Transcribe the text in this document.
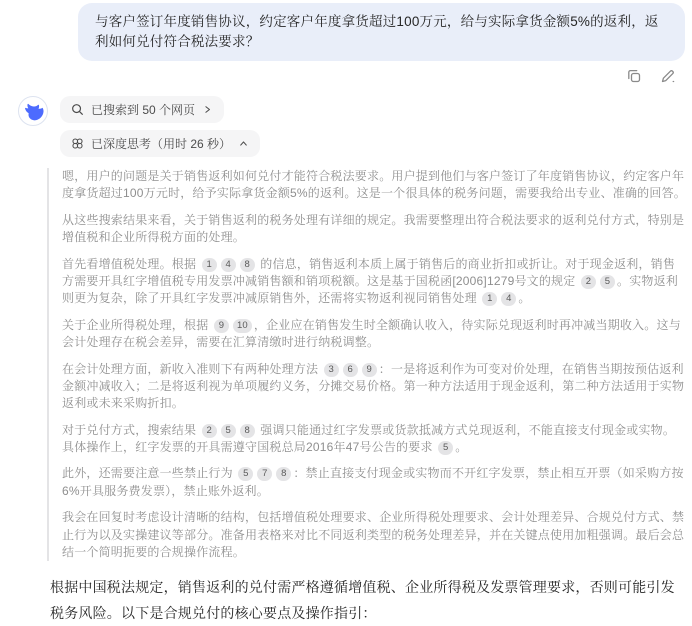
与客户签订年度销售协议，约定客户年度拿货超过100万元，给与实际拿货金额5%的返利，返利如何兑付符合税法要求？
已搜索到 50 个网页
已深度思考（用时 26 秒）

嗯，用户的问题是关于销售返利如何兑付才能符合税法要求。用户提到他们与客户签订了年度销售协议，约定客户年度拿货超过100万元时，给予实际拿货金额5%的返利。这是一个很具体的税务问题，需要我给出专业、准确的回答。

从这些搜索结果来看，关于销售返利的税务处理有详细的规定。我需要整理出符合税法要求的返利兑付方式，特别是增值税和企业所得税方面的处理。

首先看增值税处理。根据 1 4 8 的信息，销售返利本质上属于销售后的商业折扣或折让。对于现金返利，销售方需要开具红字增值税专用发票冲减销售额和销项税额。这是基于国税函[2006]1279号文的规定 2 5 。实物返利则更为复杂，除了开具红字发票冲减原销售外，还需将实物返利视同销售处理 1 4 。

关于企业所得税处理，根据 9 10 ，企业应在销售发生时全额确认收入，待实际兑现返利时再冲减当期收入。这与会计处理存在税会差异，需要在汇算清缴时进行纳税调整。

在会计处理方面，新收入准则下有两种处理方法 3 6 9 ：一是将返利作为可变对价处理，在销售当期按预估返利金额冲减收入；二是将返利视为单项履约义务，分摊交易价格。第一种方法适用于现金返利，第二种方法适用于实物返利或未来采购折扣。

对于兑付方式，搜索结果 2 5 8 强调只能通过红字发票或货款抵减方式兑现返利，不能直接支付现金或实物。具体操作上，红字发票的开具需遵守国税总局2016年47号公告的要求 5 。

此外，还需要注意一些禁止行为 5 7 8 ：禁止直接支付现金或实物而不开红字发票，禁止相互开票（如采购方按6%开具服务费发票），禁止账外返利。

我会在回复时考虑设计清晰的结构，包括增值税处理要求、企业所得税处理要求、会计处理差异、合规兑付方式、禁止行为以及实操建议等部分。准备用表格来对比不同返利类型的税务处理差异，并在关键点使用加粗强调。最后会总结一个简明扼要的合规操作流程。

根据中国税法规定，销售返利的兑付需严格遵循增值税、企业所得税及发票管理要求，否则可能引发税务风险。以下是合规兑付的核心要点及操作指引：
